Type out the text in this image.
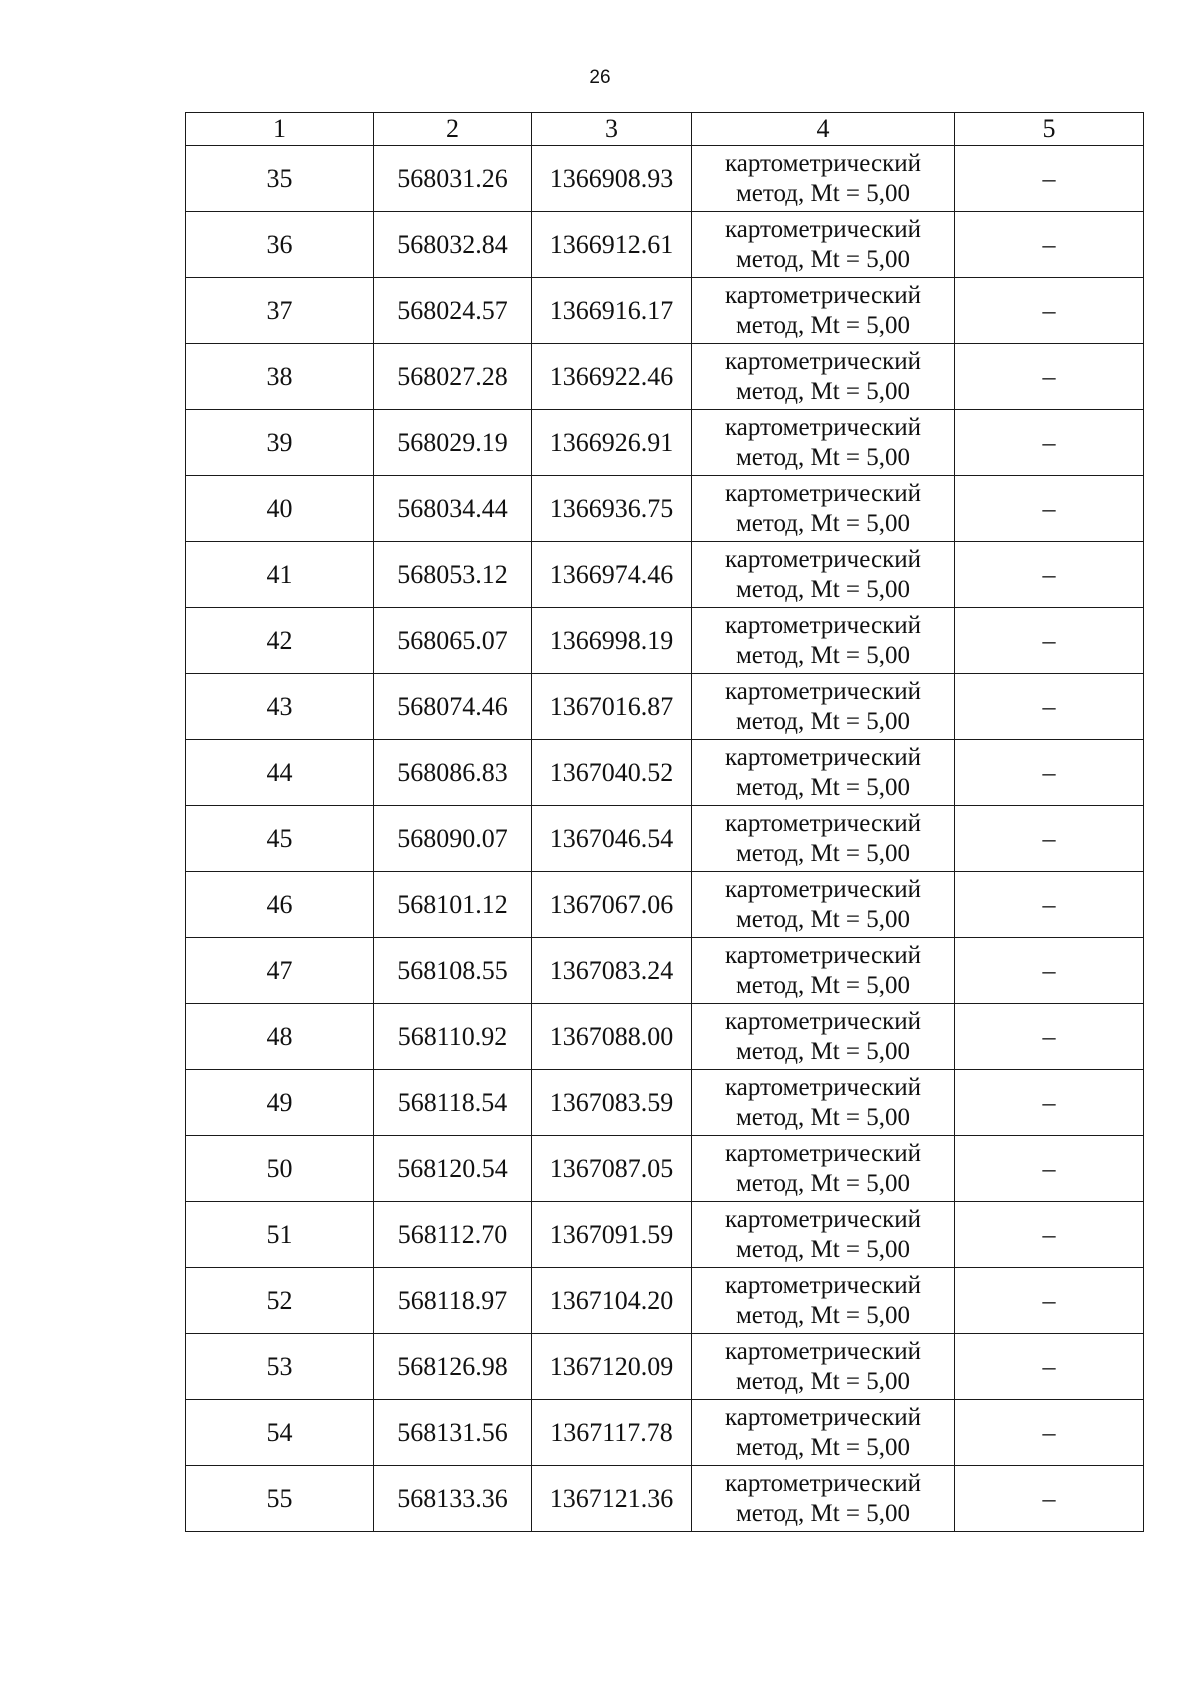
26
1	2	3	4	5
35	568031.26	1366908.93	картометрический
метод, Mt = 5,00	–
36	568032.84	1366912.61	картометрический
метод, Mt = 5,00	–
37	568024.57	1366916.17	картометрический
метод, Mt = 5,00	–
38	568027.28	1366922.46	картометрический
метод, Mt = 5,00	–
39	568029.19	1366926.91	картометрический
метод, Mt = 5,00	–
40	568034.44	1366936.75	картометрический
метод, Mt = 5,00	–
41	568053.12	1366974.46	картометрический
метод, Mt = 5,00	–
42	568065.07	1366998.19	картометрический
метод, Mt = 5,00	–
43	568074.46	1367016.87	картометрический
метод, Mt = 5,00	–
44	568086.83	1367040.52	картометрический
метод, Mt = 5,00	–
45	568090.07	1367046.54	картометрический
метод, Mt = 5,00	–
46	568101.12	1367067.06	картометрический
метод, Mt = 5,00	–
47	568108.55	1367083.24	картометрический
метод, Mt = 5,00	–
48	568110.92	1367088.00	картометрический
метод, Mt = 5,00	–
49	568118.54	1367083.59	картометрический
метод, Mt = 5,00	–
50	568120.54	1367087.05	картометрический
метод, Mt = 5,00	–
51	568112.70	1367091.59	картометрический
метод, Mt = 5,00	–
52	568118.97	1367104.20	картометрический
метод, Mt = 5,00	–
53	568126.98	1367120.09	картометрический
метод, Mt = 5,00	–
54	568131.56	1367117.78	картометрический
метод, Mt = 5,00	–
55	568133.36	1367121.36	картометрический
метод, Mt = 5,00	–
